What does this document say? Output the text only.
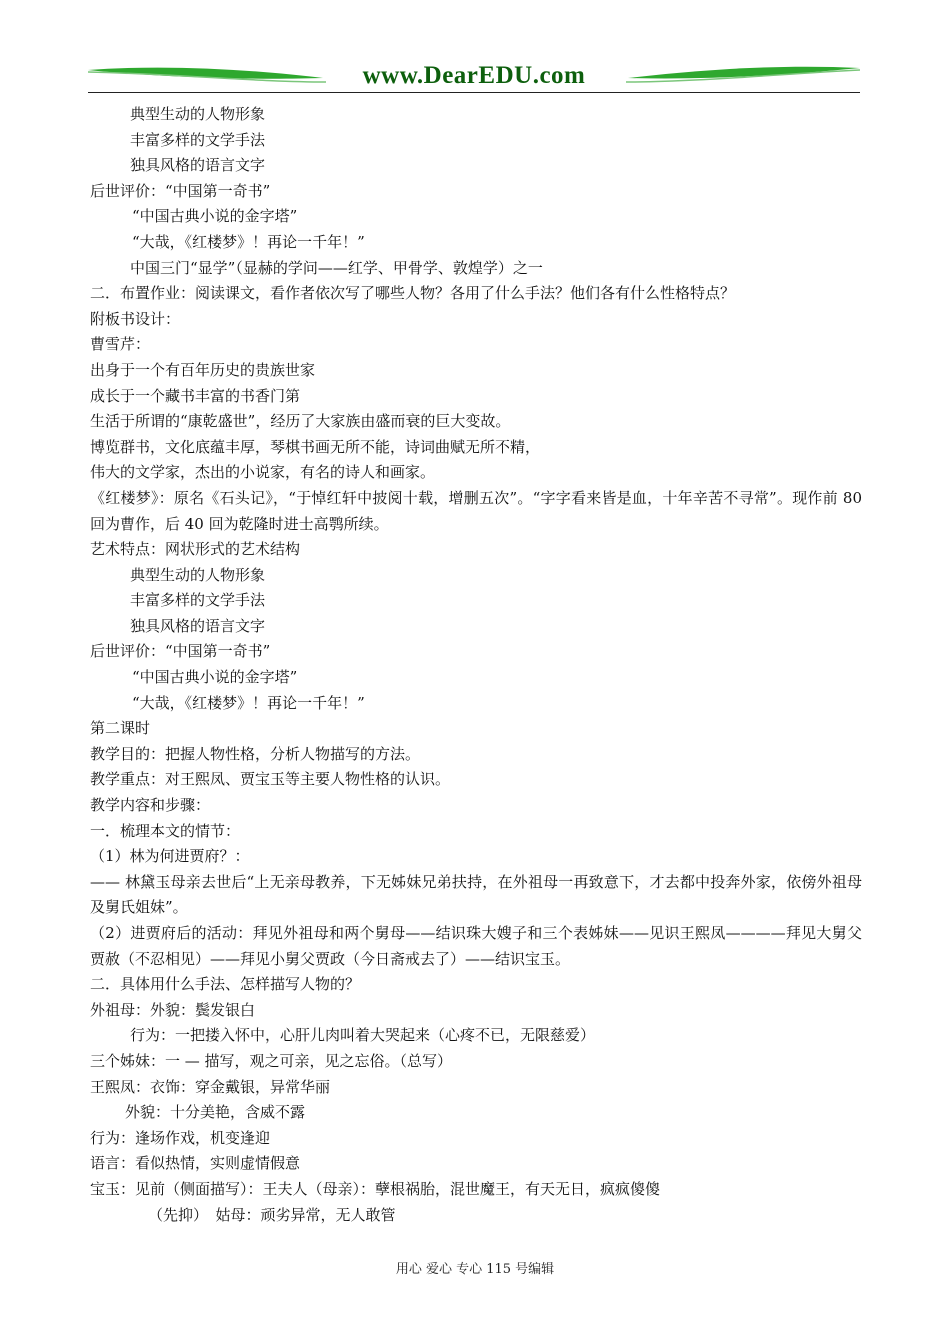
www.DearEDU.com
典型生动的人物形象
丰富多样的文学手法
独具风格的语言文字
后世评价：“中国第一奇书”
“中国古典小说的金字塔”
“大哉，《红楼梦》！再论一千年！”
中国三门“显学”（显赫的学问——红学、甲骨学、敦煌学）之一
二．布置作业：阅读课文，看作者依次写了哪些人物？各用了什么手法？他们各有什么性格特点？
附板书设计：
曹雪芹：
出身于一个有百年历史的贵族世家
成长于一个藏书丰富的书香门第
生活于所谓的“康乾盛世”，经历了大家族由盛而衰的巨大变故。
博览群书，文化底蕴丰厚，琴棋书画无所不能，诗词曲赋无所不精，
伟大的文学家，杰出的小说家，有名的诗人和画家。
《红楼梦》：原名《石头记》，“于悼红轩中披阅十载，增删五次”。“字字看来皆是血，十年辛苦不寻常”。现作前 80 回为曹作，后 40 回为乾隆时进士高鹗所续。
艺术特点：网状形式的艺术结构
典型生动的人物形象
丰富多样的文学手法
独具风格的语言文字
后世评价：“中国第一奇书”
“中国古典小说的金字塔”
“大哉，《红楼梦》！再论一千年！”
第二课时
教学目的：把握人物性格，分析人物描写的方法。
教学重点：对王熙凤、贾宝玉等主要人物性格的认识。
教学内容和步骤：
一．梳理本文的情节：
（1）林为何进贾府？：
—— 林黛玉母亲去世后“上无亲母教养，下无姊妹兄弟扶持，在外祖母一再致意下，才去都中投奔外家，依傍外祖母及舅氏姐妹”。
（2）进贾府后的活动：拜见外祖母和两个舅母——结识珠大嫂子和三个表姊妹——见识王熙凤————拜见大舅父贾赦（不忍相见）——拜见小舅父贾政（今日斋戒去了）——结识宝玉。
二．具体用什么手法、怎样描写人物的？
外祖母：外貌：鬓发银白
行为：一把搂入怀中，心肝儿肉叫着大哭起来（心疼不已，无限慈爱）
三个姊妹：一 — 描写，观之可亲，见之忘俗。（总写）
王熙凤：衣饰：穿金戴银，异常华丽
外貌：十分美艳，含威不露
行为：逢场作戏，机变逢迎
语言：看似热情，实则虚情假意
宝玉：见前（侧面描写）：王夫人（母亲）：孽根祸胎，混世魔王，有天无日，疯疯傻傻
（先抑）　姑母：顽劣异常，无人敢管
用心 爱心 专心 115 号编辑
